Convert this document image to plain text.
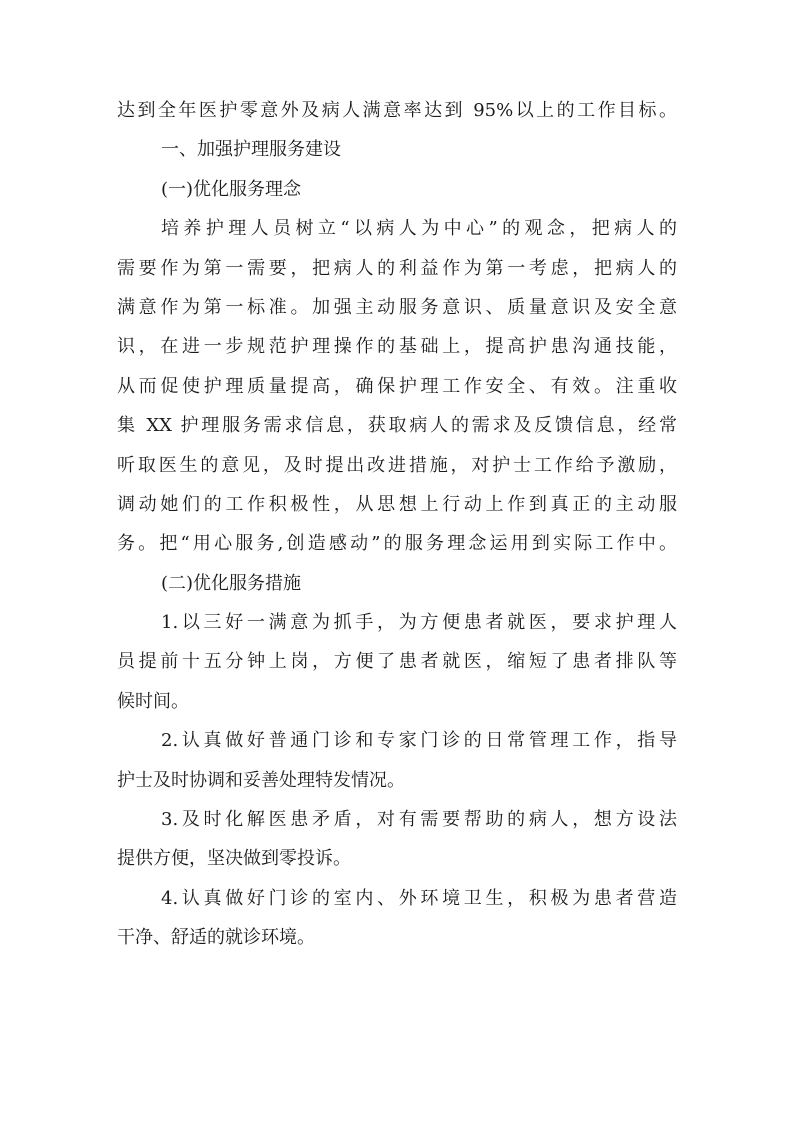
达到全年医护零意外及病人满意率达到 95%以上的工作目标。
一、加强护理服务建设
(一)优化服务理念
培养护理人员树立“以病人为中心”的观念，把病人的
需要作为第一需要，把病人的利益作为第一考虑，把病人的
满意作为第一标准。加强主动服务意识、质量意识及安全意
识，在进一步规范护理操作的基础上，提高护患沟通技能，
从而促使护理质量提高，确保护理工作安全、有效。注重收
集 XX 护理服务需求信息，获取病人的需求及反馈信息，经常
听取医生的意见，及时提出改进措施，对护士工作给予激励，
调动她们的工作积极性，从思想上行动上作到真正的主动服
务。把“用心服务,创造感动”的服务理念运用到实际工作中。
(二)优化服务措施
1.以三好一满意为抓手，为方便患者就医，要求护理人
员提前十五分钟上岗，方便了患者就医，缩短了患者排队等
候时间。
2.认真做好普通门诊和专家门诊的日常管理工作，指导
护士及时协调和妥善处理特发情况。
3.及时化解医患矛盾，对有需要帮助的病人，想方设法
提供方便，坚决做到零投诉。
4.认真做好门诊的室内、外环境卫生，积极为患者营造
干净、舒适的就诊环境。
